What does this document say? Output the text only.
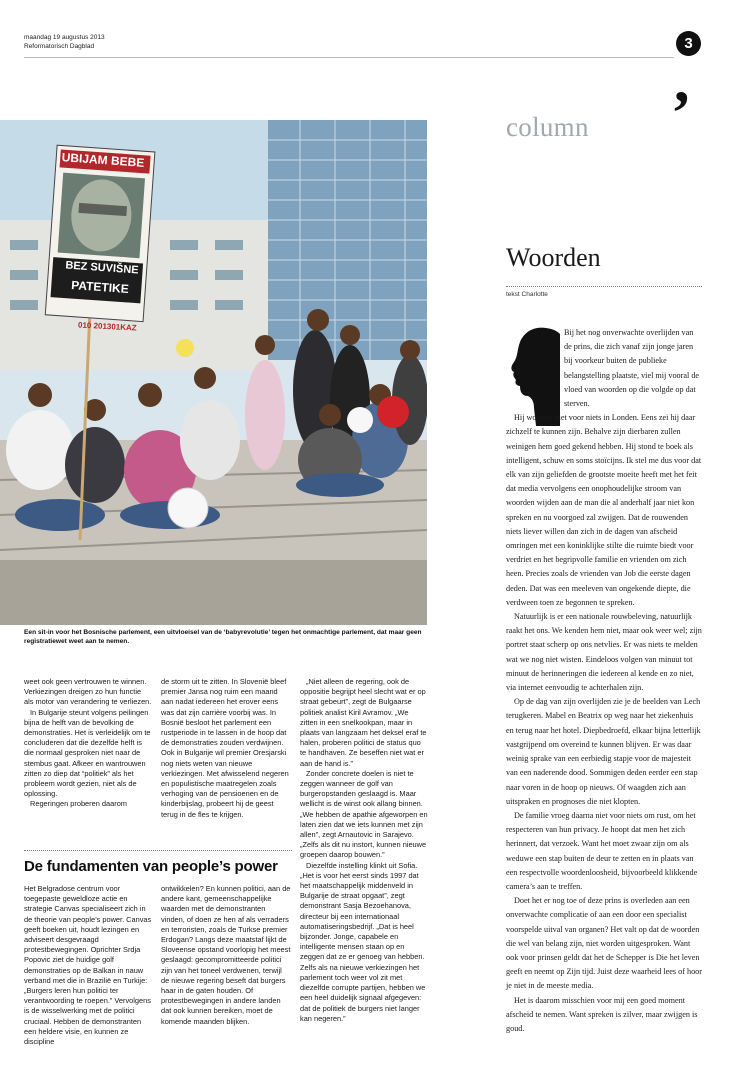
maandag 19 augustus 2013
Reformatorisch Dagblad	3
,
UBIJAM BEBE
BEZ SUVIŠNE
PATETIKE
010 201301KAZ
Een sit-in voor het Bosnische parlement, een uitvloeisel van de ‘babyrevolutie’ tegen het onmachtige parlement, dat maar geen registratiewet weet aan te nemen.

weet ook geen vertrouwen te winnen. Verkiezingen dreigen zo hun functie als motor van verandering te verliezen.

In Bulgarije steunt volgens peilingen bijna de helft van de bevolking de demonstraties. Het is verleidelijk om te concluderen dat die dezelfde helft is die normaal gesproken niet naar de stembus gaat. Afkeer en wantrouwen zitten zo diep dat “politiek” als het probleem wordt gezien, niet als de oplossing.

Regeringen proberen daarom

de storm uit te zitten. In Slovenië bleef premier Jansa nog ruim een maand aan nadat iedereen het erover eens was dat zijn carrière voorbij was. In Bosnië besloot het parlement een rustperiode in te lassen in de hoop dat de demonstraties zouden verdwijnen. Ook in Bulgarije wil premier Oresjarski nog niets weten van nieuwe verkiezingen. Met afwisselend negeren en populistische maatregelen zoals verhoging van de pensioenen en de kinderbijslag, probeert hij de geest terug in de fles te krijgen.

„Niet alleen de regering, ook de oppositie begrijpt heel slecht wat er op straat gebeurt”, zegt de Bulgaarse politiek analist Kiril Avramov. „We zitten in een snelkookpan, maar in plaats van langzaam het deksel eraf te halen, proberen politici de status quo te handhaven. Ze beseffen niet wat er aan de hand is.”

Zonder concrete doelen is niet te zeggen wanneer de golf van burgeropstanden geslaagd is. Maar wellicht is de winst ook allang binnen. „We hebben de apathie afgeworpen en laten zien dat we iets kunnen met zijn allen”, zegt Arnautovic in Sarajevo. „Zelfs als dit nu instort, kunnen nieuwe groepen daarop bouwen.”

Diezelfde instelling klinkt uit Sofia. „Het is voor het eerst sinds 1997 dat het maatschappelijk middenveld in Bulgarije de straat opgaat”, zegt demonstrant Sasja Bezoehanova, directeur bij een internationaal automatiseringsbedrijf. „Dat is heel bijzonder. Jonge, capabele en intelligente mensen staan op en zeggen dat ze er genoeg van hebben. Zelfs als na nieuwe verkiezingen het parlement toch weer vol zit met diezelfde corrupte partijen, hebben we een heel duidelijk signaal afgegeven: dat de politiek de burgers niet langer kan negeren.”

De fundamenten van people’s power

Het Belgradose centrum voor toegepaste geweldloze actie en strategie Canvas specialiseert zich in de theorie van people’s power. Canvas geeft boeken uit, houdt lezingen en adviseert desgevraagd protestbewegingen. Oprichter Srdja Popovic ziet de huidige golf demonstraties op de Balkan in nauw verband met die in Brazilië en Turkije: „Burgers leren hun politici ter verantwoording te roepen.” Vervolgens is de wisselwerking met de politici cruciaal. Hebben de demonstranten een heldere visie, en kunnen ze discipline

ontwikkelen? En kunnen politici, aan de andere kant, gemeenschappelijke waarden met de demonstranten vinden, of doen ze hen af als verraders en terroristen, zoals de Turkse premier Erdogan? Langs deze maatstaf lijkt de Sloveense opstand voorlopig het meest geslaagd: gecompromitteerde politici zijn van het toneel verdwenen, terwijl de nieuwe regering beseft dat burgers haar in de gaten houden. Of protestbewegingen in andere landen dat ook kunnen bereiken, moet de komende maanden blijken.

column
Woorden
tekst Charlotte

Bij het nog onverwachte overlijden van de prins, die zich vanaf zijn jonge jaren bij voorkeur buiten de publieke belangstelling plaatste, viel mij vooral de vloed van woorden op die volgde op dat sterven.

Hij woonde niet voor niets in Londen. Eens zei hij daar zichzelf te kunnen zijn. Behalve zijn dierbaren zullen weinigen hem goed gekend hebben. Hij stond te boek als intelligent, schuw en soms stoïcijns. Ik stel me dus voor dat elk van zijn geliefden de grootste moeite heeft met het feit dat media vervolgens een onophoudelijke stroom van woorden wijden aan de man die al anderhalf jaar niet kon spreken en nu voorgoed zal zwijgen. Dat de rouwenden niets liever willen dan zich in de dagen van afscheid omringen met een koninklijke stilte die ruimte biedt voor verdriet en het begripvolle familie en vrienden om zich heen. Precies zoals de vrienden van Job die eerste dagen deden. Dat was een meeleven van ongekende diepte, die verdween toen ze begonnen te spreken.

Natuurlijk is er een nationale rouwbeleving, natuurlijk raakt het ons. We kenden hem niet, maar ook weer wel; zijn portret staat scherp op ons netvlies. Er was niets te melden wat we nog niet wisten. Eindeloos volgen van minuut tot minuut de herinneringen die iedereen al kende en zo niet, via internet eenvoudig te achterhalen zijn.

Op de dag van zijn overlijden zie je de beelden van Lech terugkeren. Mabel en Beatrix op weg naar het ziekenhuis en terug naar het hotel. Diepbedroefd, elkaar bijna letterlijk vastgrijpend om overeind te kunnen blijven. Er was daar weinig sprake van een eerbiedig stapje voor de majesteit van een naderende dood. Sommigen deden eerder een stap naar voren in de hoop op nieuws. Of waagden zich aan uitspraken en prognoses die niet klopten.

De familie vroeg daarna niet voor niets om rust, om het respecteren van hun privacy. Je hoopt dat men het zich herinnert, dat verzoek. Want het moet zwaar zijn om als weduwe een stap buiten de deur te zetten en in plaats van een respectvolle woordenloosheid, bijvoorbeeld klikkende camera’s aan te treffen.

Doet het er nog toe of deze prins is overleden aan een onverwachte complicatie of aan een door een specialist voorspelde uitval van organen? Het valt op dat de woorden die wel van belang zijn, niet worden uitgesproken. Want ook voor prinsen geldt dat het de Schepper is Die het leven geeft en neemt op Zijn tijd. Juist deze waarheid lees of hoor je niet in de meeste media.

Het is daarom misschien voor mij een goed moment afscheid te nemen. Want spreken is zilver, maar zwijgen is goud.
